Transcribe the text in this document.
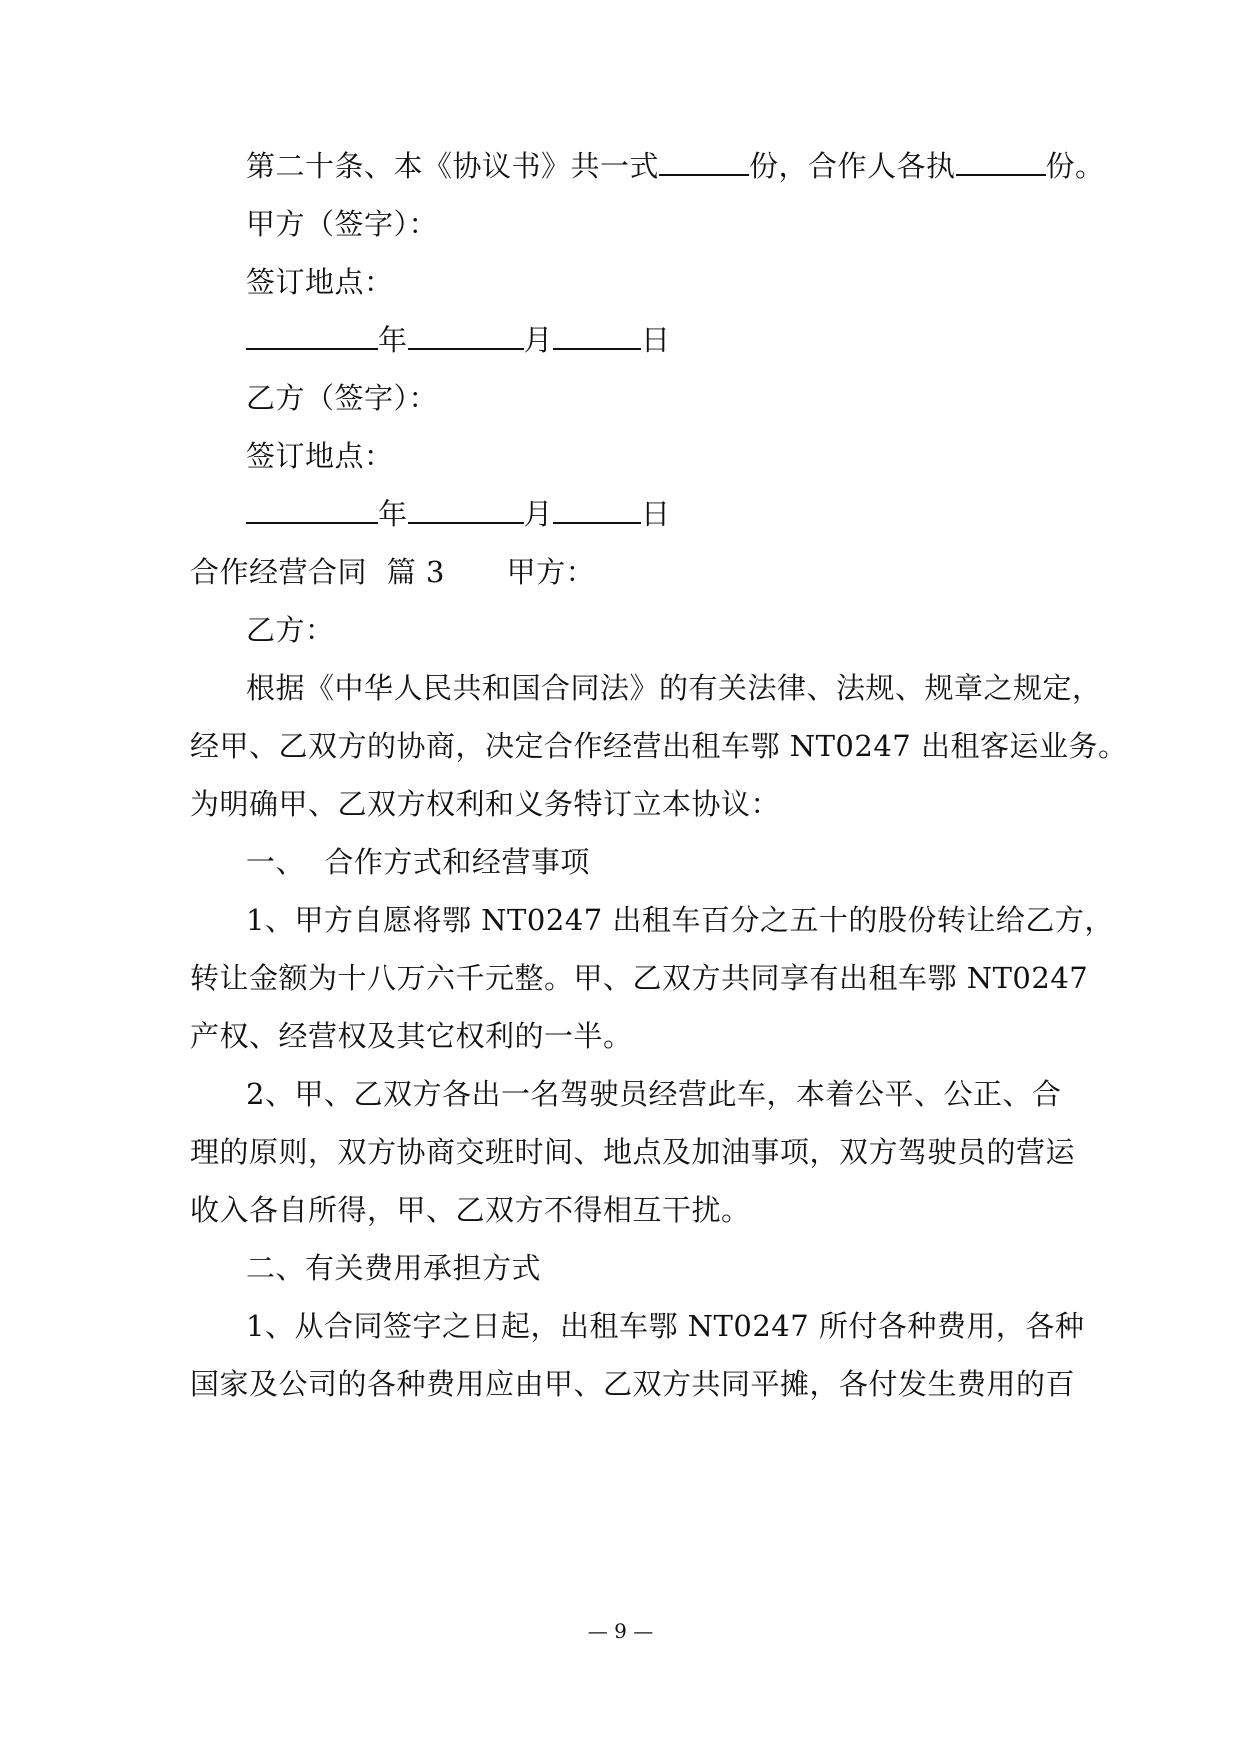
第二十条、本《协议书》共一式	份，合作人各执	份。
甲方（签字）：
签订地点：
年	月	日
乙方（签字）：
签订地点：
年	月	日
合作经营合同 篇 3 甲方：
乙方：
根据《中华人民共和国合同法》的有关法律、法规、规章之规定，
经甲、乙双方的协商，决定合作经营出租车鄂 NT0247 出租客运业务。
为明确甲、乙双方权利和义务特订立本协议：
一、  合作方式和经营事项
1、甲方自愿将鄂 NT0247 出租车百分之五十的股份转让给乙方，
转让金额为十八万六千元整。甲、乙双方共同享有出租车鄂 NT0247
产权、经营权及其它权利的一半。
2、甲、乙双方各出一名驾驶员经营此车，本着公平、公正、合
理的原则，双方协商交班时间、地点及加油事项，双方驾驶员的营运
收入各自所得，甲、乙双方不得相互干扰。
二、有关费用承担方式
1、从合同签字之日起，出租车鄂 NT0247 所付各种费用，各种
国家及公司的各种费用应由甲、乙双方共同平摊，各付发生费用的百
— 9 —
